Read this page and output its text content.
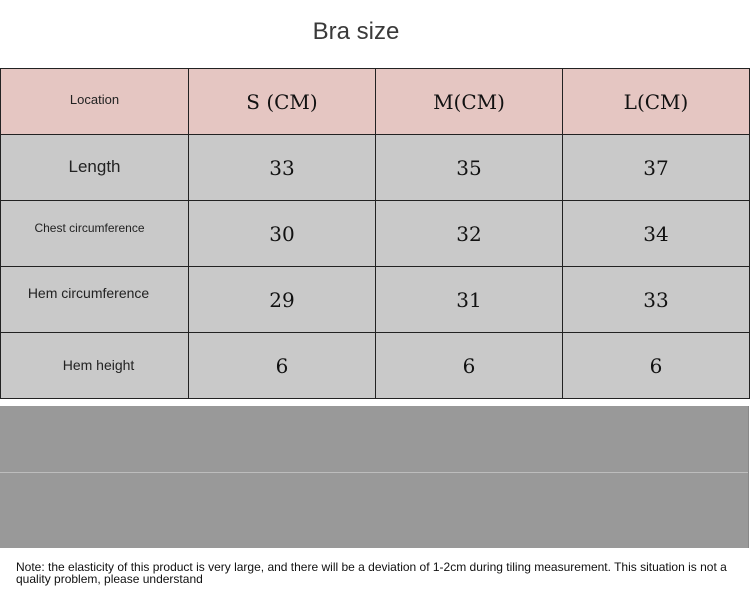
Bra size
Location	S (CM)	M(CM)	L(CM)
Length	33	35	37

Chest circumference	30	32	34

Hem circumference	29	31	33
Hem height	6	6	6
Note: the elasticity of this product is very large, and there will be a deviation of 1-2cm during tiling measurement. This situation is not a quality problem, please understand
